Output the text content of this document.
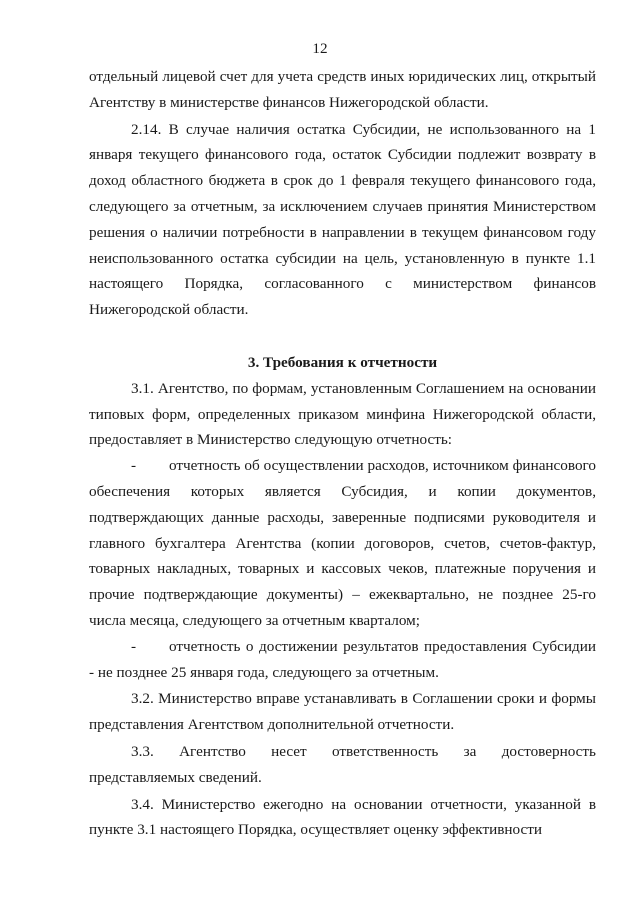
12

отдельный лицевой счет для учета средств иных юридических лиц, открытый Агентству в министерстве финансов Нижегородской области.

2.14. В случае наличия остатка Субсидии, не использованного на 1 января текущего финансового года, остаток Субсидии подлежит возврату в доход областного бюджета в срок до 1 февраля текущего финансового года, следующего за отчетным, за исключением случаев принятия Министерством решения о наличии потребности в направлении в текущем финансовом году неиспользованного остатка субсидии на цель, установленную в пункте 1.1 настоящего Порядка, согласованного с министерством финансов Нижегородской области.

3. Требования к отчетности

3.1. Агентство, по формам, установленным Соглашением на основании типовых форм, определенных приказом минфина Нижегородской области, предоставляет в Министерство следующую отчетность:

- отчетность об осуществлении расходов, источником финансового обеспечения которых является Субсидия, и копии документов, подтверждающих данные расходы, заверенные подписями руководителя и главного бухгалтера Агентства (копии договоров, счетов, счетов-фактур, товарных накладных, товарных и кассовых чеков, платежные поручения и прочие подтверждающие документы) – ежеквартально, не позднее 25-го числа месяца, следующего за отчетным кварталом;

- отчетность о достижении результатов предоставления Субсидии - не позднее 25 января года, следующего за отчетным.

3.2. Министерство вправе устанавливать в Соглашении сроки и формы представления Агентством дополнительной отчетности.

3.3. Агентство несет ответственность за достоверность представляемых сведений.

3.4. Министерство ежегодно на основании отчетности, указанной в пункте 3.1 настоящего Порядка, осуществляет оценку эффективности
